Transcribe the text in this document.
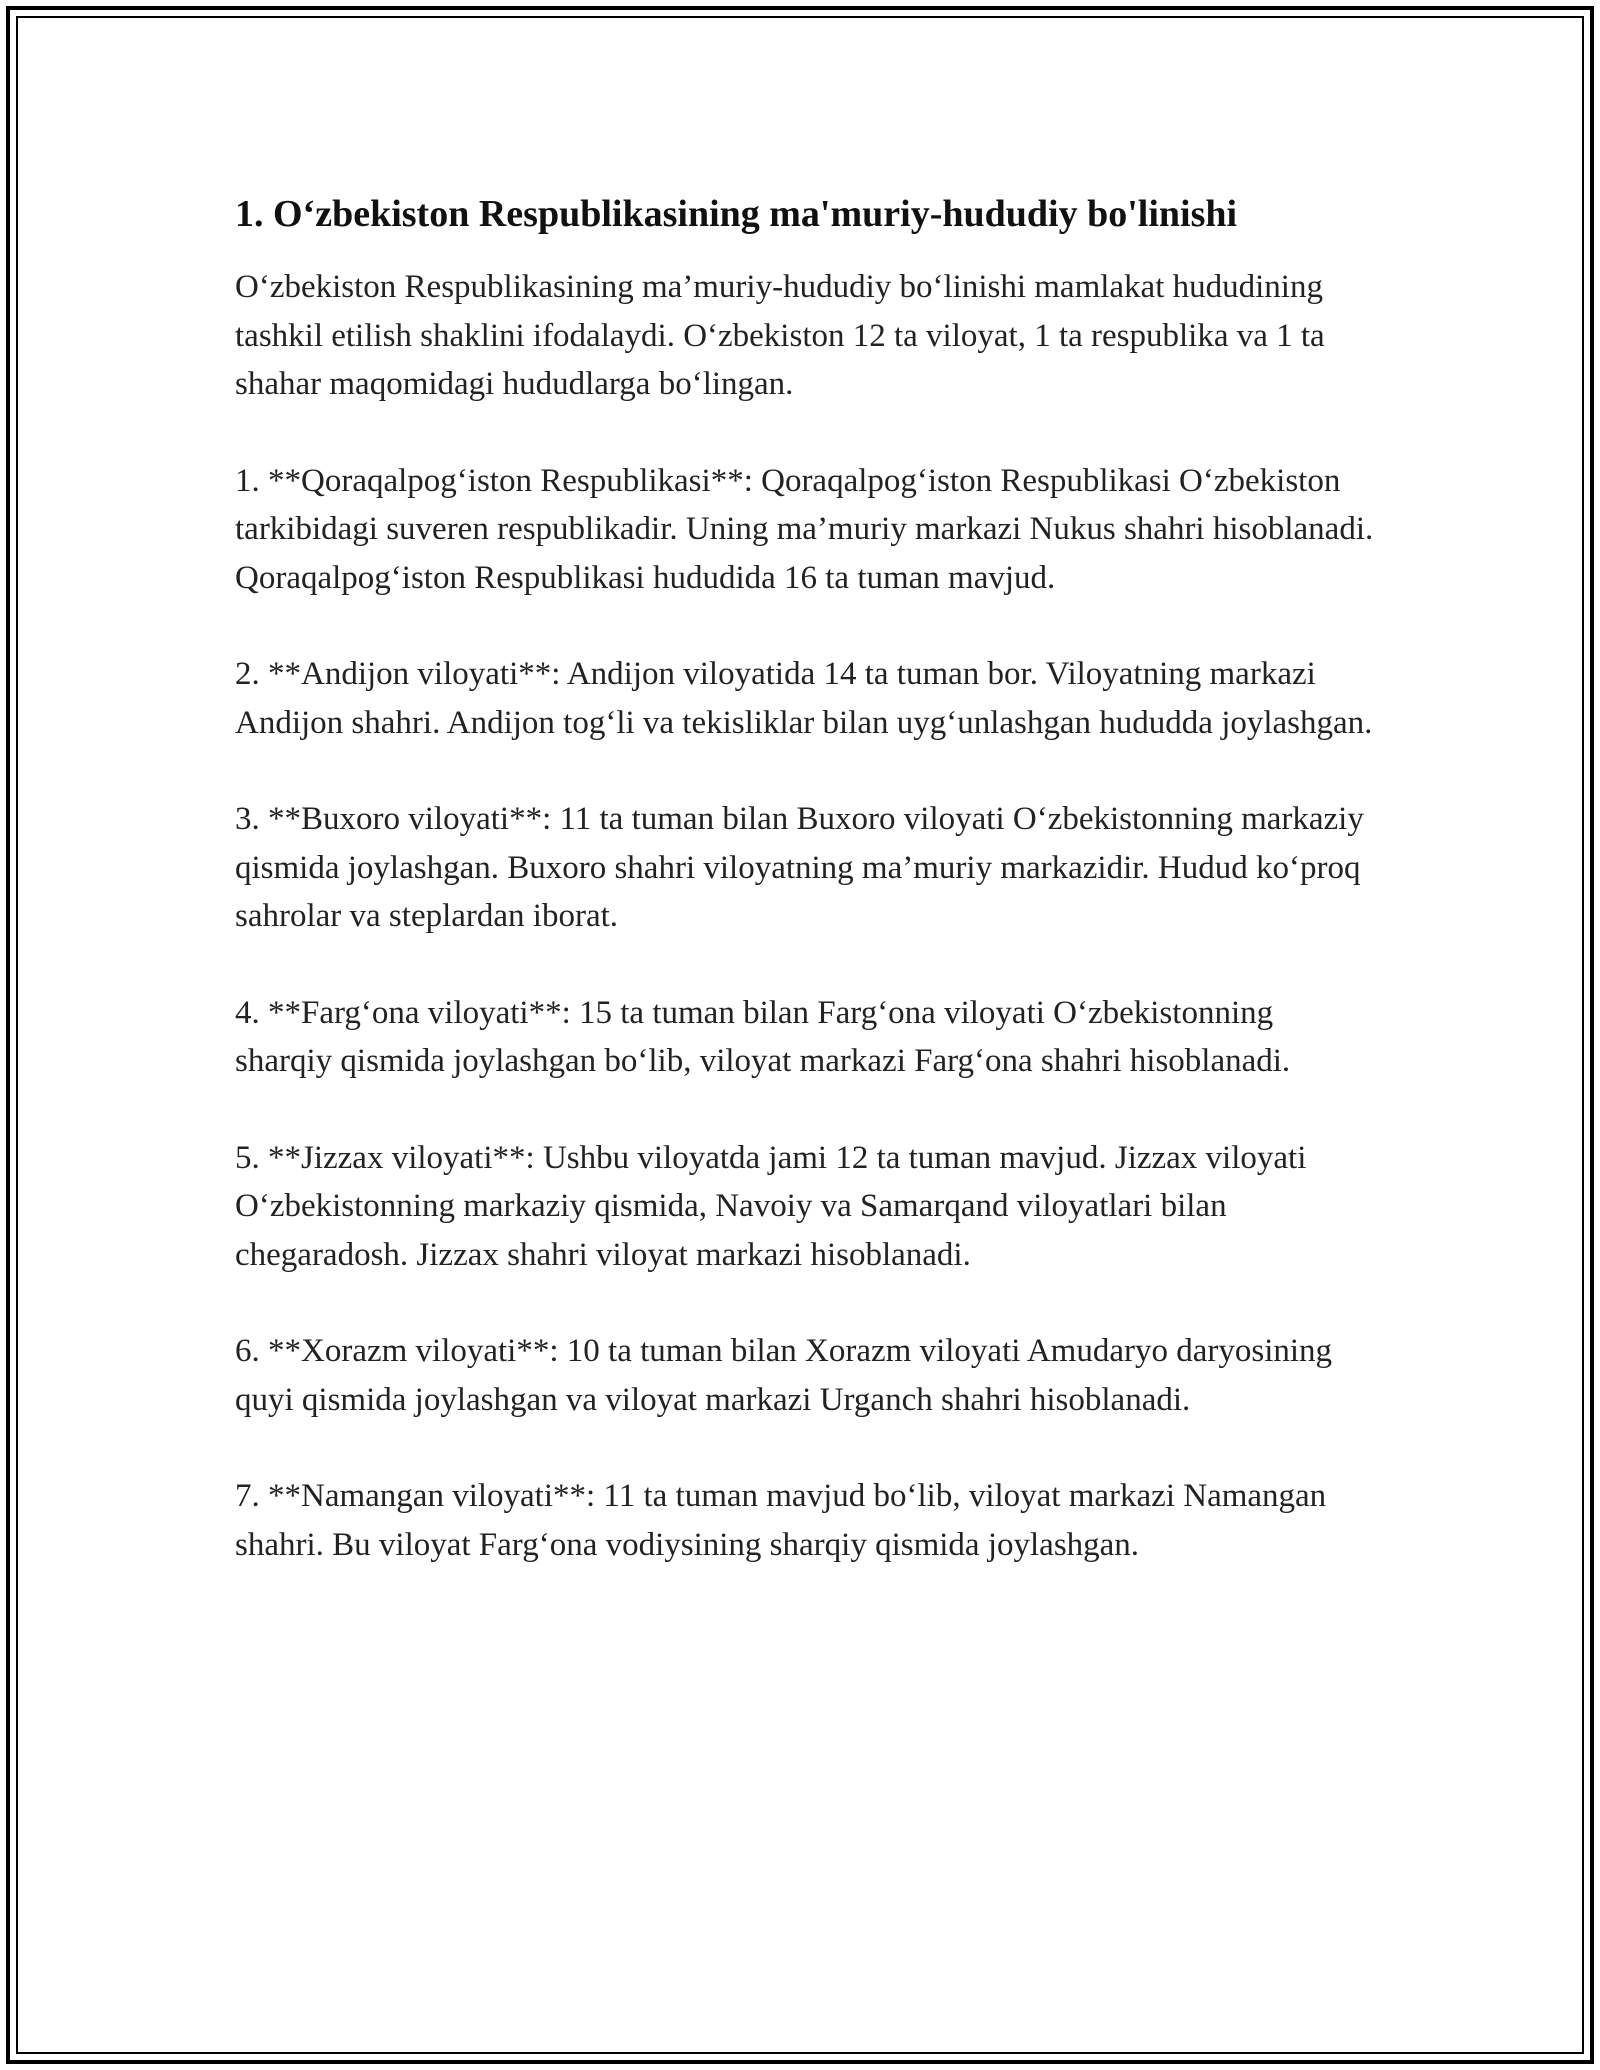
1. O‘zbekiston Respublikasining ma'muriy-hududiy bo'linishi

O‘zbekiston Respublikasining ma’muriy-hududiy bo‘linishi mamlakat hududining tashkil etilish shaklini ifodalaydi. O‘zbekiston 12 ta viloyat, 1 ta respublika va 1 ta shahar maqomidagi hududlarga bo‘lingan.

1. **Qoraqalpog‘iston Respublikasi**: Qoraqalpog‘iston Respublikasi O‘zbekiston tarkibidagi suveren respublikadir. Uning ma’muriy markazi Nukus shahri hisoblanadi. Qoraqalpog‘iston Respublikasi hududida 16 ta tuman mavjud.

2. **Andijon viloyati**: Andijon viloyatida 14 ta tuman bor. Viloyatning markazi Andijon shahri. Andijon tog‘li va tekisliklar bilan uyg‘unlashgan hududda joylashgan.

3. **Buxoro viloyati**: 11 ta tuman bilan Buxoro viloyati O‘zbekistonning markaziy qismida joylashgan. Buxoro shahri viloyatning ma’muriy markazidir. Hudud ko‘proq sahrolar va steplardan iborat.

4. **Farg‘ona viloyati**: 15 ta tuman bilan Farg‘ona viloyati O‘zbekistonning sharqiy qismida joylashgan bo‘lib, viloyat markazi Farg‘ona shahri hisoblanadi.

5. **Jizzax viloyati**: Ushbu viloyatda jami 12 ta tuman mavjud. Jizzax viloyati O‘zbekistonning markaziy qismida, Navoiy va Samarqand viloyatlari bilan chegaradosh. Jizzax shahri viloyat markazi hisoblanadi.

6. **Xorazm viloyati**: 10 ta tuman bilan Xorazm viloyati Amudaryo daryosining quyi qismida joylashgan va viloyat markazi Urganch shahri hisoblanadi.

7. **Namangan viloyati**: 11 ta tuman mavjud bo‘lib, viloyat markazi Namangan shahri. Bu viloyat Farg‘ona vodiysining sharqiy qismida joylashgan.
